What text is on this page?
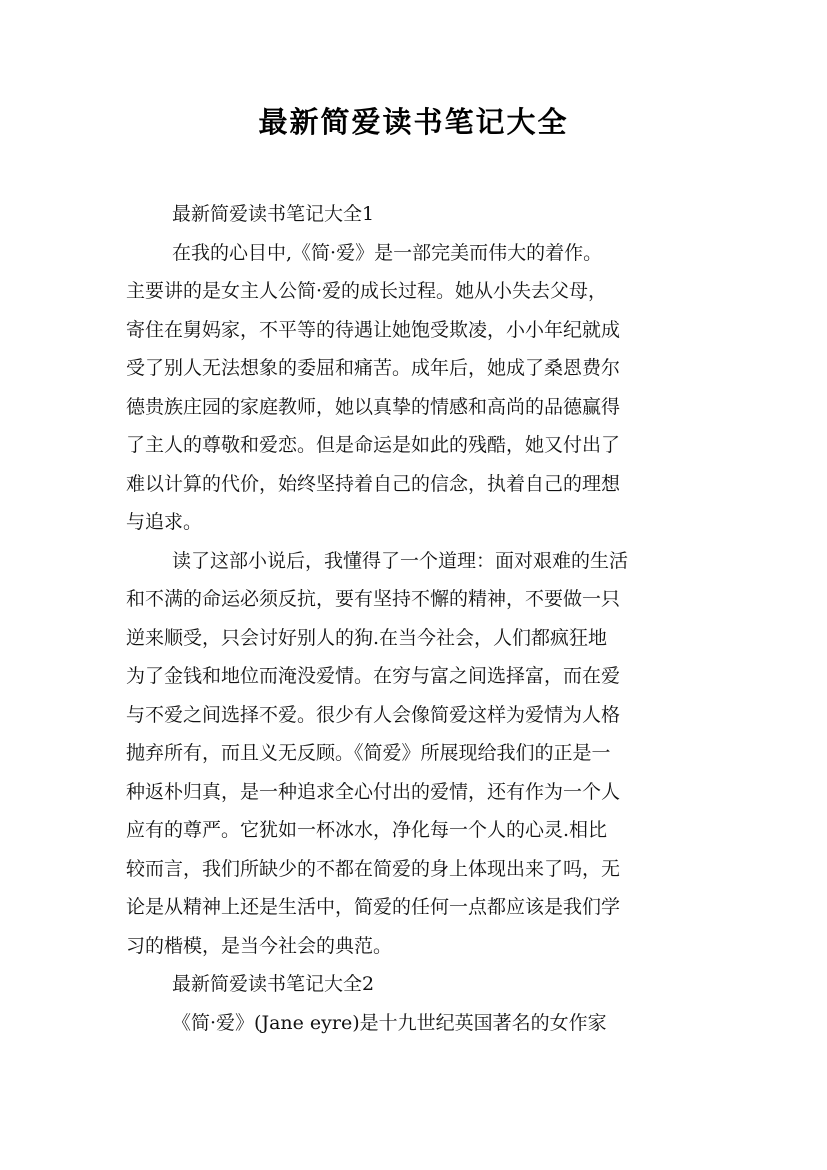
最新简爱读书笔记大全
最新简爱读书笔记大全1
在我的心目中,《简·爱》是一部完美而伟大的着作。
主要讲的是女主人公简·爱的成长过程。她从小失去父母，
寄住在舅妈家，不平等的待遇让她饱受欺凌，小小年纪就成
受了别人无法想象的委屈和痛苦。成年后，她成了桑恩费尔
德贵族庄园的家庭教师，她以真挚的情感和高尚的品德赢得
了主人的尊敬和爱恋。但是命运是如此的残酷，她又付出了
难以计算的代价，始终坚持着自己的信念，执着自己的理想
与追求。
读了这部小说后，我懂得了一个道理：面对艰难的生活
和不满的命运必须反抗，要有坚持不懈的精神，不要做一只
逆来顺受，只会讨好别人的狗.在当今社会，人们都疯狂地
为了金钱和地位而淹没爱情。在穷与富之间选择富，而在爱
与不爱之间选择不爱。很少有人会像简爱这样为爱情为人格
抛弃所有，而且义无反顾。《简爱》所展现给我们的正是一
种返朴归真，是一种追求全心付出的爱情，还有作为一个人
应有的尊严。它犹如一杯冰水，净化每一个人的心灵.相比
较而言，我们所缺少的不都在简爱的身上体现出来了吗，无
论是从精神上还是生活中，简爱的任何一点都应该是我们学
习的楷模，是当今社会的典范。
最新简爱读书笔记大全2
《简·爱》(Jane eyre)是十九世纪英国著名的女作家
